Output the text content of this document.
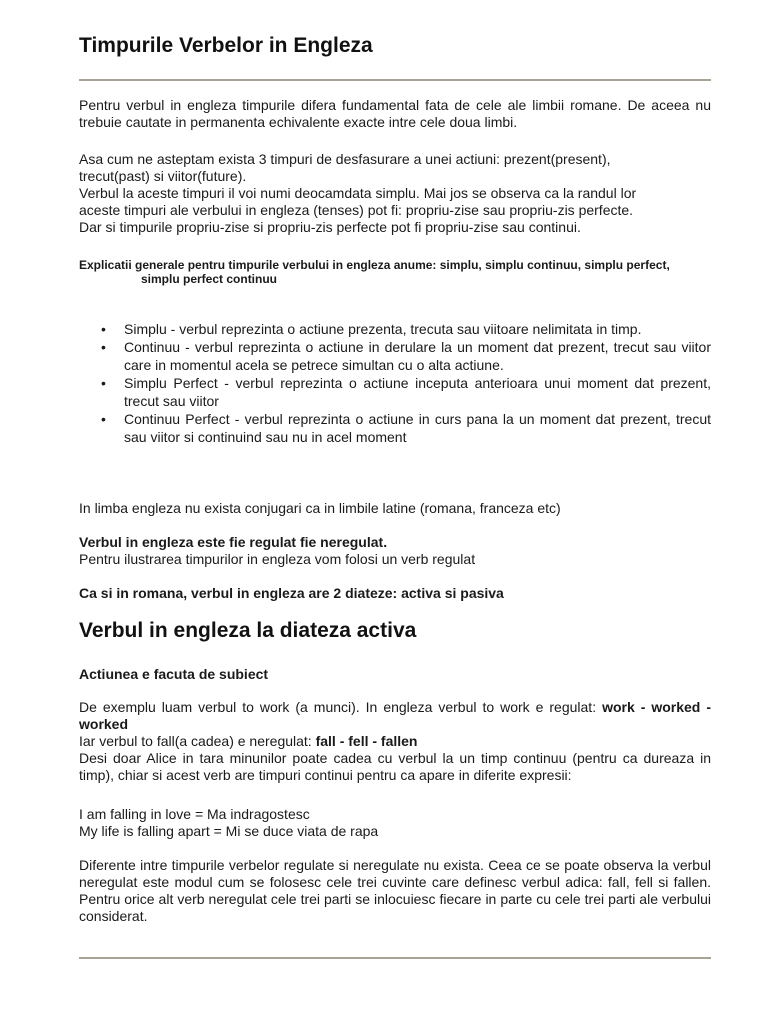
Timpurile Verbelor in Engleza

Pentru verbul in engleza timpurile difera fundamental fata de cele ale limbii romane. De aceea nu trebuie cautate in permanenta echivalente exacte intre cele doua limbi.

Asa cum ne asteptam exista 3 timpuri de desfasurare a unei actiuni: prezent(present),
trecut(past) si viitor(future).
Verbul la aceste timpuri il voi numi deocamdata simplu. Mai jos se observa ca la randul lor
aceste timpuri ale verbului in engleza (tenses) pot fi: propriu-zise sau propriu-zis perfecte.
Dar si timpurile propriu-zise si propriu-zis perfecte pot fi propriu-zise sau continui.
Explicatii generale pentru timpurile verbului in engleza anume: simplu, simplu continuu, simplu perfect,
simplu perfect continuu
• Simplu - verbul reprezinta o actiune prezenta, trecuta sau viitoare nelimitata in timp.
• Continuu - verbul reprezinta o actiune in derulare la un moment dat prezent, trecut sau viitor care in momentul acela se petrece simultan cu o alta actiune.
• Simplu Perfect - verbul reprezinta o actiune inceputa anterioara unui moment dat prezent, trecut sau viitor
• Continuu Perfect - verbul reprezinta o actiune in curs pana la un moment dat prezent, trecut sau viitor si continuind sau nu in acel moment

In limba engleza nu exista conjugari ca in limbile latine (romana, franceza etc)

Verbul in engleza este fie regulat fie neregulat.

Pentru ilustrarea timpurilor in engleza vom folosi un verb regulat

Ca si in romana, verbul in engleza are 2 diateze: activa si pasiva

Verbul in engleza la diateza activa

Actiunea e facuta de subiect

De exemplu luam verbul to work (a munci). In engleza verbul to work e regulat: work - worked - worked
Iar verbul to fall(a cadea) e neregulat: fall - fell - fallen
Desi doar Alice in tara minunilor poate cadea cu verbul la un timp continuu (pentru ca dureaza in timp), chiar si acest verb are timpuri continui pentru ca apare in diferite expresii:
I am falling in love = Ma indragostesc
My life is falling apart = Mi se duce viata de rapa

Diferente intre timpurile verbelor regulate si neregulate nu exista. Ceea ce se poate observa la verbul neregulat este modul cum se folosesc cele trei cuvinte care definesc verbul adica: fall, fell si fallen. Pentru orice alt verb neregulat cele trei parti se inlocuiesc fiecare in parte cu cele trei parti ale verbului considerat.
